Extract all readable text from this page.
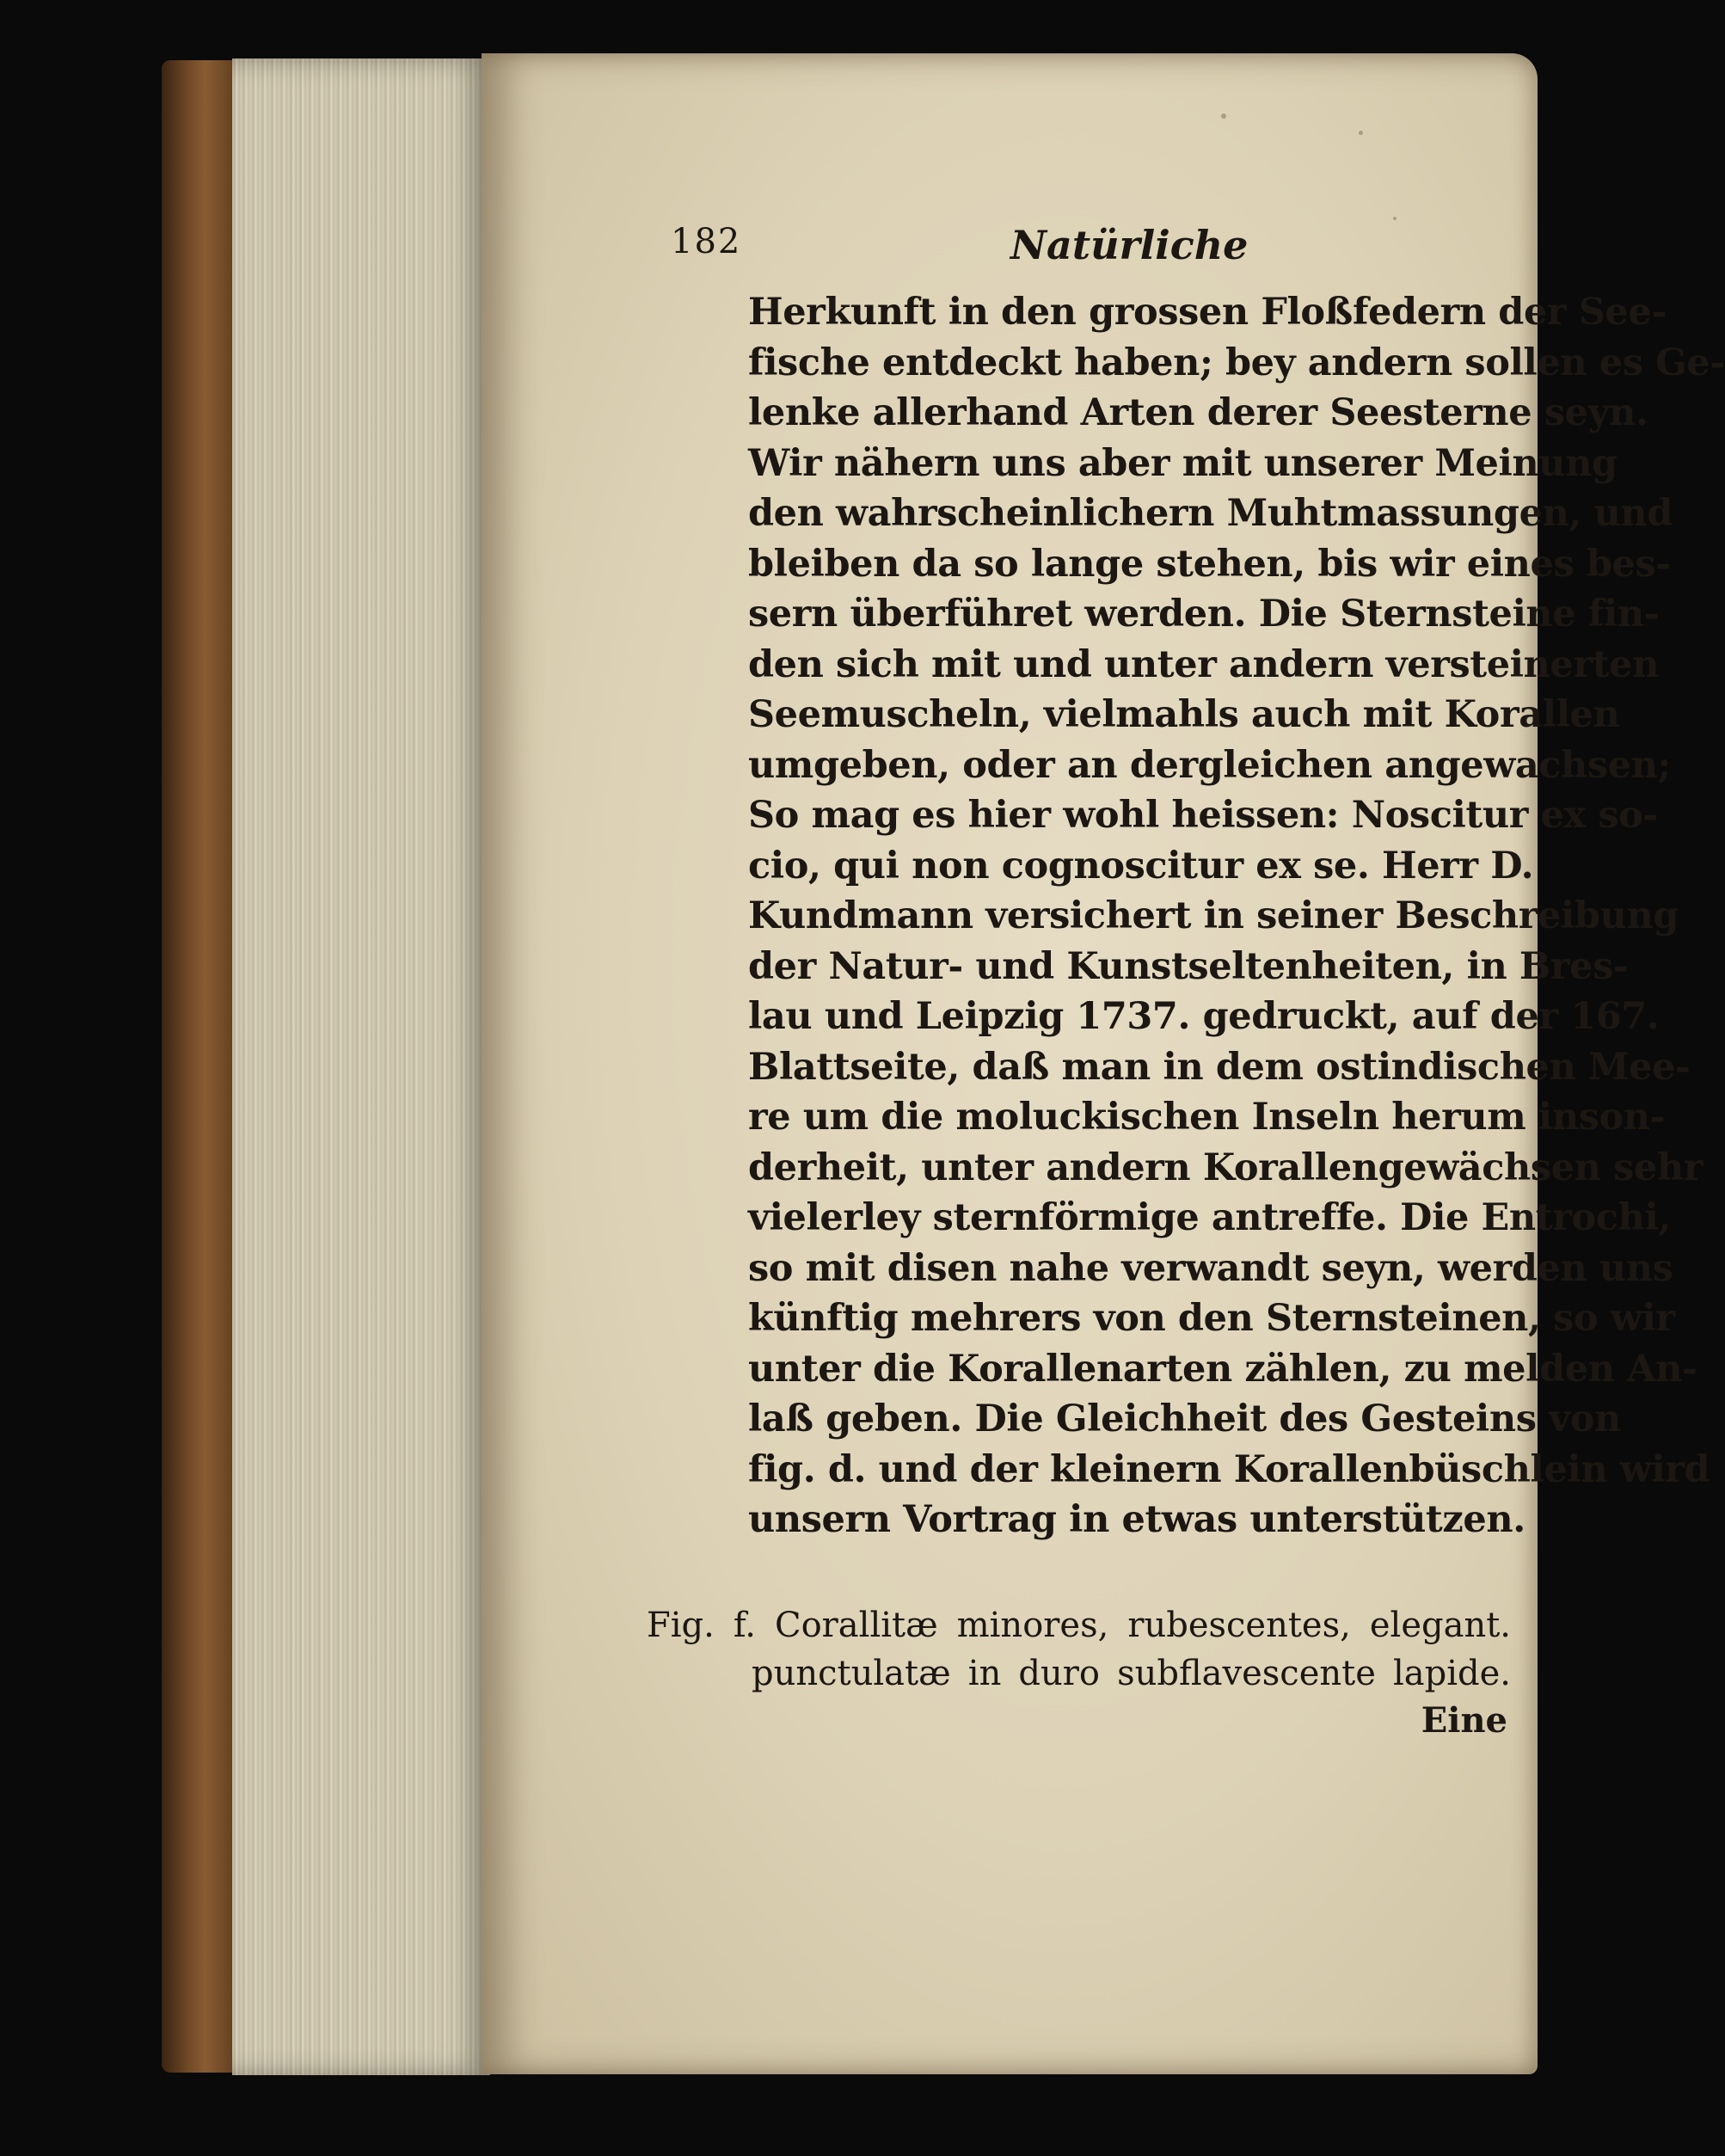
182	Natürliche
Herkunft in den grossen Floßfedern der See-
fische entdeckt haben; bey andern sollen es Ge-
lenke allerhand Arten derer Seesterne seyn.
Wir nähern uns aber mit unserer Meinung
den wahrscheinlichern Muhtmassungen, und
bleiben da so lange stehen, bis wir eines bes-
sern überführet werden. Die Sternsteine fin-
den sich mit und unter andern versteinerten
Seemuscheln, vielmahls auch mit Korallen
umgeben, oder an dergleichen angewachsen;
So mag es hier wohl heissen: Noscitur ex so-
cio, qui non cognoscitur ex se. Herr D.
Kundmann versichert in seiner Beschreibung
der Natur- und Kunstseltenheiten, in Bres-
lau und Leipzig 1737. gedruckt, auf der 167.
Blattseite, daß man in dem ostindischen Mee-
re um die moluckischen Inseln herum inson-
derheit, unter andern Korallengewächsen sehr
vielerley sternförmige antreffe. Die Entrochi,
so mit disen nahe verwandt seyn, werden uns
künftig mehrers von den Sternsteinen, so wir
unter die Korallenarten zählen, zu melden An-
laß geben. Die Gleichheit des Gesteins von
fig. d. und der kleinern Korallenbüschlein wird
unsern Vortrag in etwas unterstützen.
Fig. f. Corallitæ minores, rubescentes, elegant.
punctulatæ in duro subflavescente lapide.
Eine
